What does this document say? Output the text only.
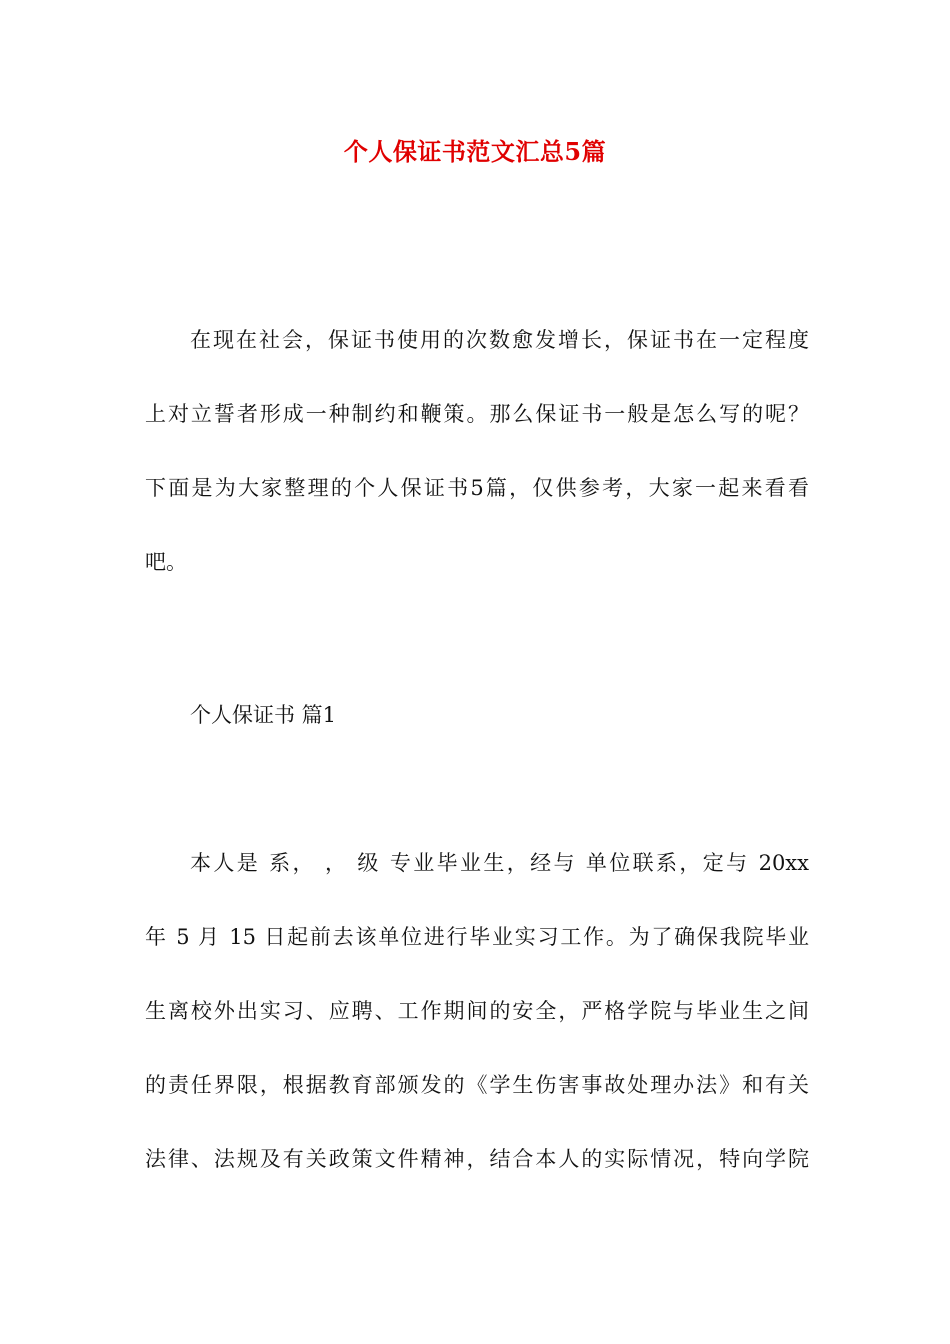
个人保证书范文汇总5篇
在现在社会，保证书使用的次数愈发增长，保证书在一定程度
上对立誓者形成一种制约和鞭策。那么保证书一般是怎么写的呢？
下面是为大家整理的个人保证书5篇，仅供参考，大家一起来看看
吧。
个人保证书 篇1
本人是 系， ， 级 专业毕业生，经与 单位联系，定与 20xx
年 5 月 15 日起前去该单位进行毕业实习工作。为了确保我院毕业
生离校外出实习、应聘、工作期间的安全，严格学院与毕业生之间
的责任界限，根据教育部颁发的《学生伤害事故处理办法》和有关
法律、法规及有关政策文件精神，结合本人的实际情况，特向学院
